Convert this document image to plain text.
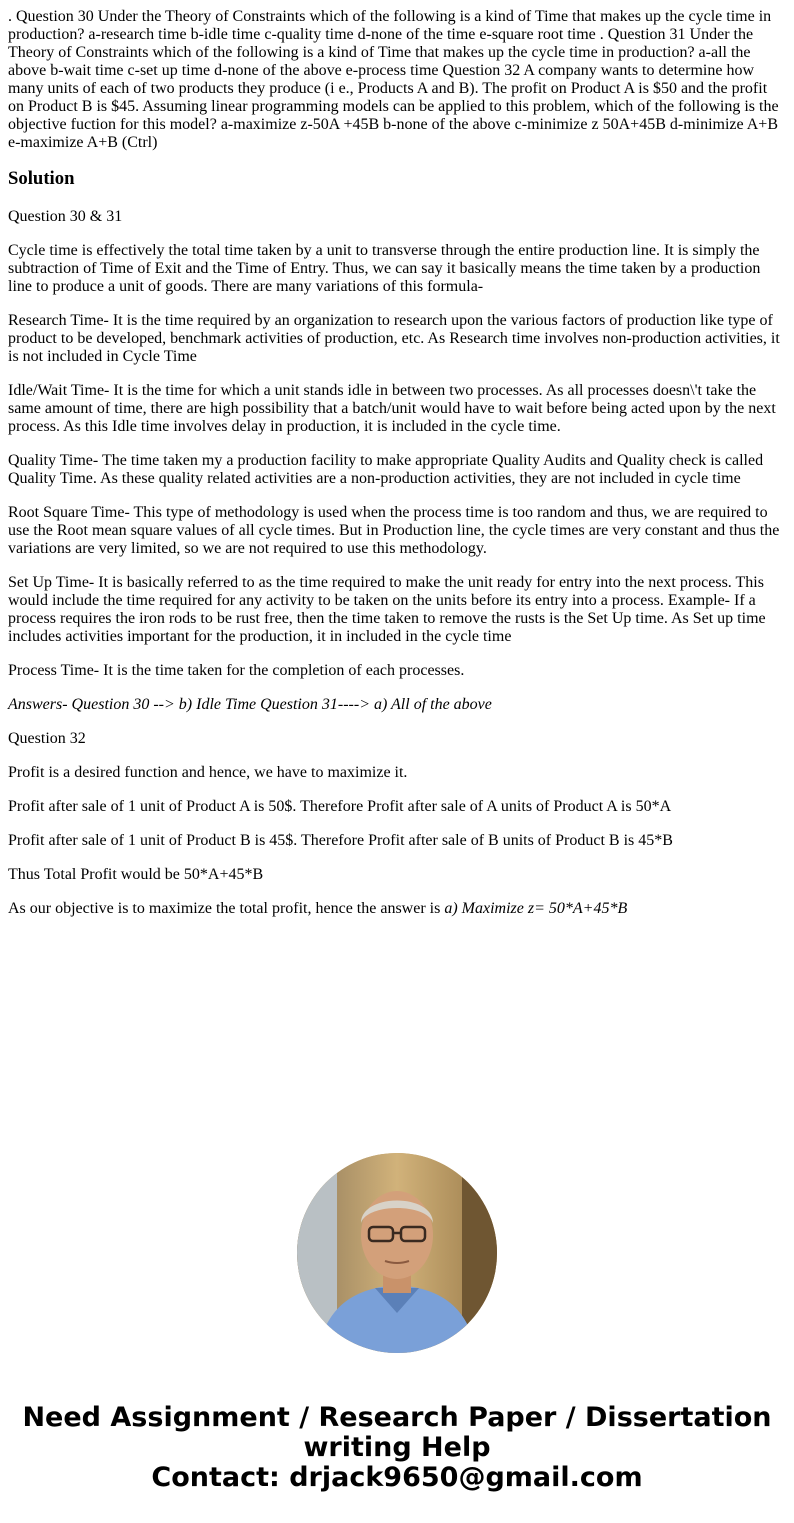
. Question 30 Under the Theory of Constraints which of the following is a kind of Time that makes up the cycle time in production? a-research time b-idle time c-quality time d-none of the time e-square root time . Question 31 Under the Theory of Constraints which of the following is a kind of Time that makes up the cycle time in production? a-all the above b-wait time c-set up time d-none of the above e-process time Question 32 A company wants to determine how many units of each of two products they produce (i e., Products A and B). The profit on Product A is $50 and the profit on Product B is $45. Assuming linear programming models can be applied to this problem, which of the following is the objective fuction for this model? a-maximize z-50A +45B b-none of the above c-minimize z 50A+45B d-minimize A+B e-maximize A+B (Ctrl)

Solution

Question 30 & 31

Cycle time is effectively the total time taken by a unit to transverse through the entire production line. It is simply the subtraction of Time of Exit and the Time of Entry. Thus, we can say it basically means the time taken by a production line to produce a unit of goods. There are many variations of this formula-

Research Time- It is the time required by an organization to research upon the various factors of production like type of product to be developed, benchmark activities of production, etc. As Research time involves non-production activities, it is not included in Cycle Time

Idle/Wait Time- It is the time for which a unit stands idle in between two processes. As all processes doesn\'t take the same amount of time, there are high possibility that a batch/unit would have to wait before being acted upon by the next process. As this Idle time involves delay in production, it is included in the cycle time.

Quality Time- The time taken my a production facility to make appropriate Quality Audits and Quality check is called Quality Time. As these quality related activities are a non-production activities, they are not included in cycle time

Root Square Time- This type of methodology is used when the process time is too random and thus, we are required to use the Root mean square values of all cycle times. But in Production line, the cycle times are very constant and thus the variations are very limited, so we are not required to use this methodology.

Set Up Time- It is basically referred to as the time required to make the unit ready for entry into the next process. This would include the time required for any activity to be taken on the units before its entry into a process. Example- If a process requires the iron rods to be rust free, then the time taken to remove the rusts is the Set Up time. As Set up time includes activities important for the production, it in included in the cycle time

Process Time- It is the time taken for the completion of each processes.

Answers- Question 30 --> b) Idle Time Question 31----> a) All of the above

Question 32

Profit is a desired function and hence, we have to maximize it.

Profit after sale of 1 unit of Product A is 50$. Therefore Profit after sale of A units of Product A is 50*A

Profit after sale of 1 unit of Product B is 45$. Therefore Profit after sale of B units of Product B is 45*B

Thus Total Profit would be 50*A+45*B

As our objective is to maximize the total profit, hence the answer is a) Maximize z= 50*A+45*B

Need Assignment / Research Paper / Dissertation
writing Help
Contact: drjack9650@gmail.com
